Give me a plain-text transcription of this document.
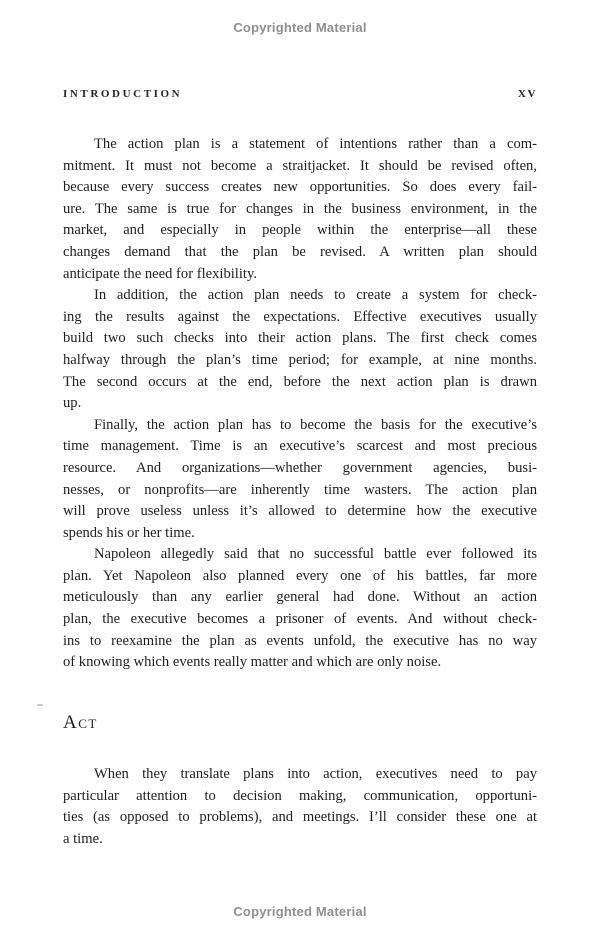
Copyrighted Material
INTRODUCTION	XV
The action plan is a statement of intentions rather than a com-
mitment. It must not become a straitjacket. It should be revised often,
because every success creates new opportunities. So does every fail-
ure. The same is true for changes in the business environment, in the
market, and especially in people within the enterprise—all these
changes demand that the plan be revised. A written plan should
anticipate the need for flexibility.
In addition, the action plan needs to create a system for check-
ing the results against the expectations. Effective executives usually
build two such checks into their action plans. The first check comes
halfway through the plan’s time period; for example, at nine months.
The second occurs at the end, before the next action plan is drawn
up.
Finally, the action plan has to become the basis for the executive’s
time management. Time is an executive’s scarcest and most precious
resource. And organizations—whether government agencies, busi-
nesses, or nonprofits—are inherently time wasters. The action plan
will prove useless unless it’s allowed to determine how the executive
spends his or her time.
Napoleon allegedly said that no successful battle ever followed its
plan. Yet Napoleon also planned every one of his battles, far more
meticulously than any earlier general had done. Without an action
plan, the executive becomes a prisoner of events. And without check-
ins to reexamine the plan as events unfold, the executive has no way
of knowing which events really matter and which are only noise.
Act
When they translate plans into action, executives need to pay
particular attention to decision making, communication, opportuni-
ties (as opposed to problems), and meetings. I’ll consider these one at
a time.
Copyrighted Material
